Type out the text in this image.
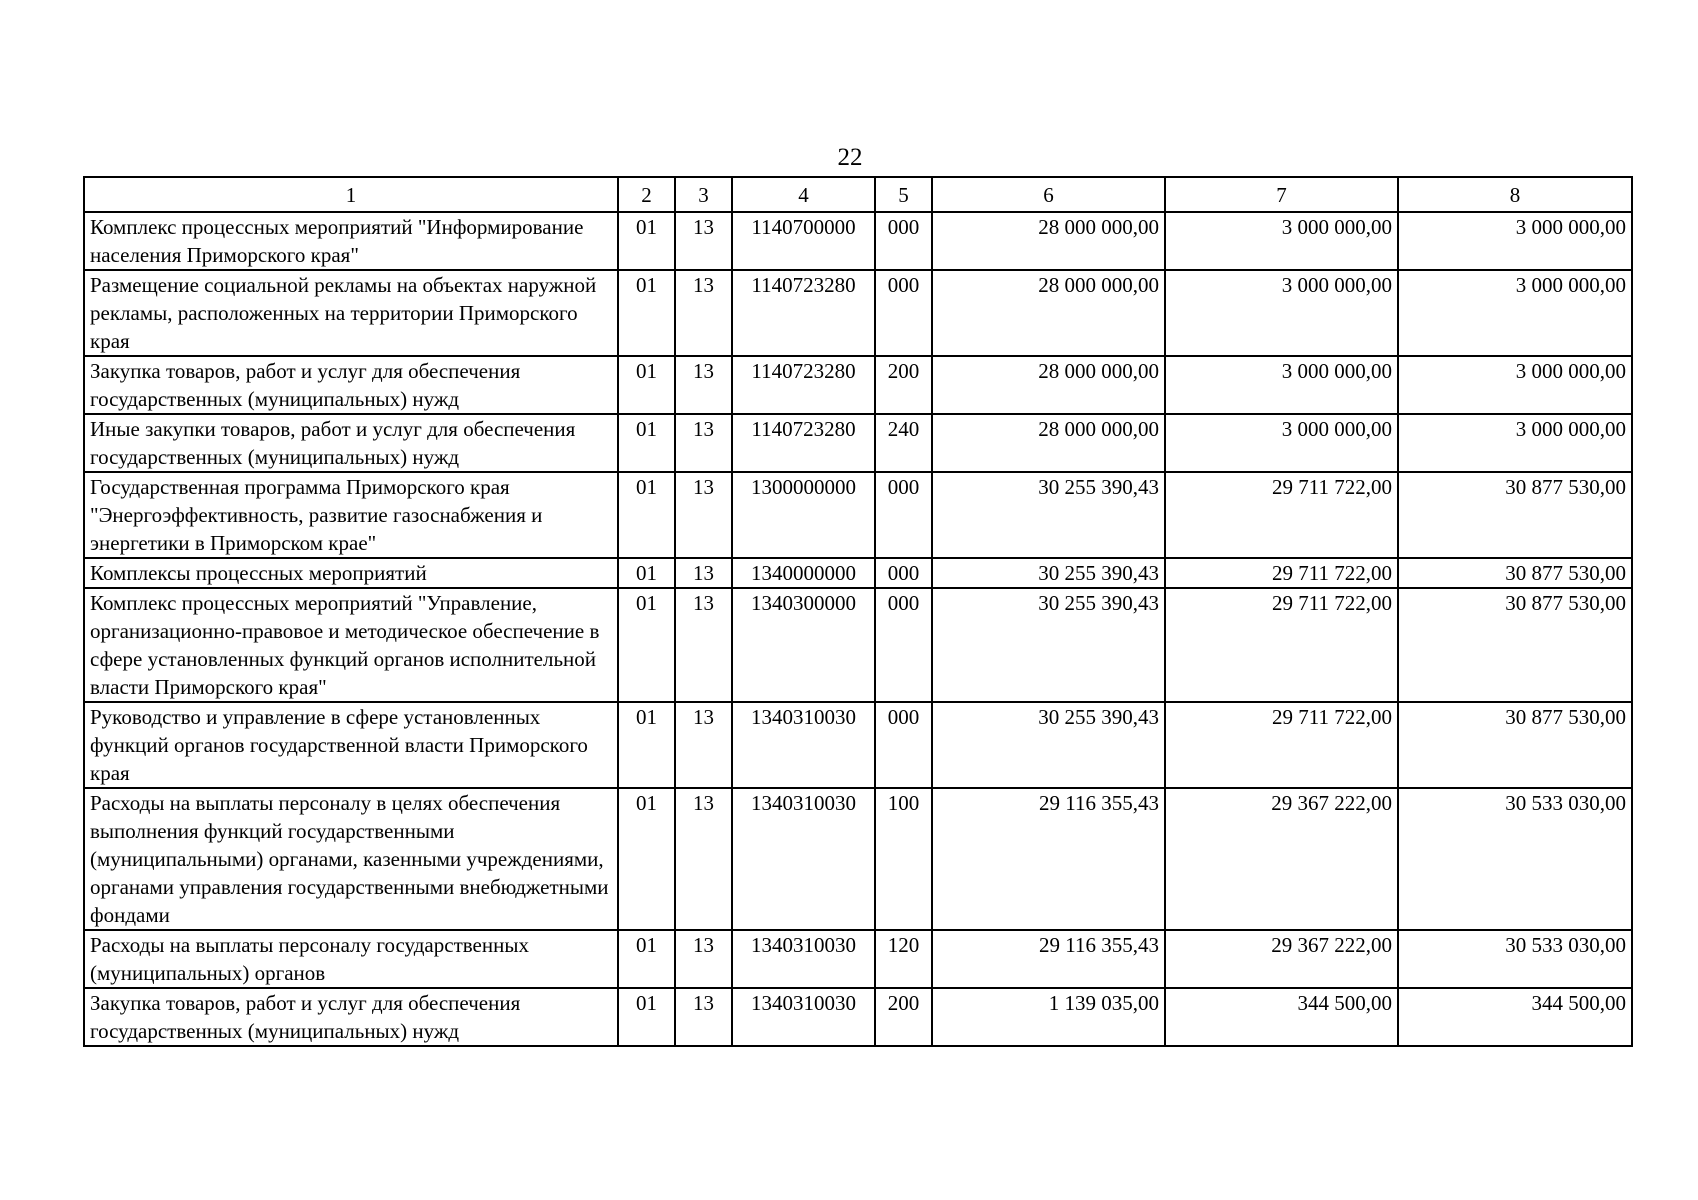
22
1	2	3	4	5	6	7	8
Комплекс процессных мероприятий "Информирование населения Приморского края"	01	13	1140700000	000	28 000 000,00	3 000 000,00	3 000 000,00
Размещение социальной рекламы на объектах наружной рекламы, расположенных на территории Приморского края	01	13	1140723280	000	28 000 000,00	3 000 000,00	3 000 000,00
Закупка товаров, работ и услуг для обеспечения государственных (муниципальных) нужд	01	13	1140723280	200	28 000 000,00	3 000 000,00	3 000 000,00
Иные закупки товаров, работ и услуг для обеспечения государственных (муниципальных) нужд	01	13	1140723280	240	28 000 000,00	3 000 000,00	3 000 000,00
Государственная программа Приморского края "Энергоэффективность, развитие газоснабжения и энергетики в Приморском крае"	01	13	1300000000	000	30 255 390,43	29 711 722,00	30 877 530,00
Комплексы процессных мероприятий	01	13	1340000000	000	30 255 390,43	29 711 722,00	30 877 530,00
Комплекс процессных мероприятий "Управление, организационно-правовое и методическое обеспечение в сфере установленных функций органов исполнительной власти Приморского края"	01	13	1340300000	000	30 255 390,43	29 711 722,00	30 877 530,00
Руководство и управление в сфере установленных функций органов государственной власти Приморского края	01	13	1340310030	000	30 255 390,43	29 711 722,00	30 877 530,00
Расходы на выплаты персоналу в целях обеспечения выполнения функций государственными (муниципальными) органами, казенными учреждениями, органами управления государственными внебюджетными фондами	01	13	1340310030	100	29 116 355,43	29 367 222,00	30 533 030,00
Расходы на выплаты персоналу государственных (муниципальных) органов	01	13	1340310030	120	29 116 355,43	29 367 222,00	30 533 030,00
Закупка товаров, работ и услуг для обеспечения государственных (муниципальных) нужд	01	13	1340310030	200	1 139 035,00	344 500,00	344 500,00
